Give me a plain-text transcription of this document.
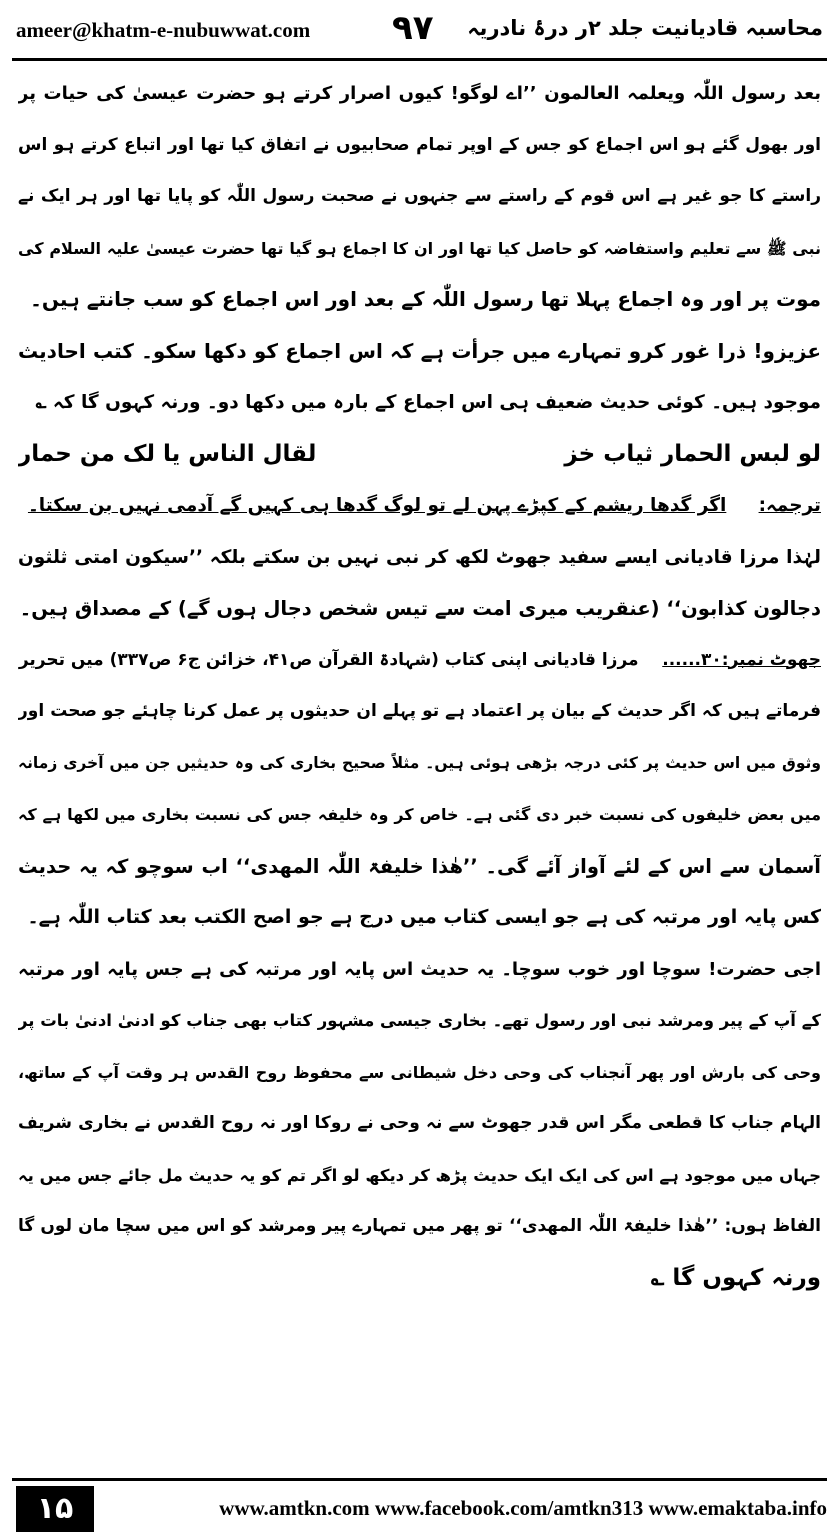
ameer@khatm-e-nubuwwat.com ۹۷ محاسبہ قادیانیت جلد ۲ر درۂ نادریہ
بعد رسول اللّٰہ ویعلمہ العالمون ’’اے لوگو! کیوں اصرار کرتے ہو حضرت عیسیٰ کی حیات پر
اور بھول گئے ہو اس اجماع کو جس کے اوپر تمام صحابیوں نے اتفاق کیا تھا اور اتباع کرتے ہو اس
راستے کا جو غیر ہے اس قوم کے راستے سے جنہوں نے صحبت رسول اللّٰہ کو پایا تھا اور ہر ایک نے
نبی ﷺ سے تعلیم واستفاضہ کو حاصل کیا تھا اور ان کا اجماع ہو گیا تھا حضرت عیسیٰ علیہ السلام کی
موت پر اور وہ اجماع پہلا تھا رسول اللّٰہ کے بعد اور اس اجماع کو سب جانتے ہیں۔
عزیزو! ذرا غور کرو تمہارے میں جرأت ہے کہ اس اجماع کو دکھا سکو۔ کتب احادیث
موجود ہیں۔ کوئی حدیث ضعیف ہی اس اجماع کے بارہ میں دکھا دو۔ ورنہ کہوں گا کہ ؎
لو لبس الحمار ثیاب خز
لقال الناس یا لک من حمار
ترجمہ:     اگر گدھا ریشم کے کپڑے پہن لے تو لوگ گدھا ہی کہیں گے آدمی نہیں بن سکتا۔
لہٰذا مرزا قادیانی ایسے سفید جھوٹ لکھ کر نبی نہیں بن سکتے بلکہ ’’سیکون امتی ثلثون
دجالون کذابون‘‘ (عنقریب میری امت سے تیس شخص دجال ہوں گے) کے مصداق ہیں۔
جھوٹ نمبر:۳۰......    مرزا قادیانی اپنی کتاب (شہادۃ القرآن ص۴۱، خزائن ج۶ ص۳۳۷) میں تحریر
فرماتے ہیں کہ اگر حدیث کے بیان پر اعتماد ہے تو پہلے ان حدیثوں پر عمل کرنا چاہئے جو صحت اور
وثوق میں اس حدیث پر کئی درجہ بڑھی ہوئی ہیں۔ مثلاً صحیح بخاری کی وہ حدیثیں جن میں آخری زمانہ
میں بعض خلیفوں کی نسبت خبر دی گئی ہے۔ خاص کر وہ خلیفہ جس کی نسبت بخاری میں لکھا ہے کہ
آسمان سے اس کے لئے آواز آئے گی۔ ’’ھٰذا خلیفۃ اللّٰہ المھدی‘‘ اب سوچو کہ یہ حدیث
کس پایہ اور مرتبہ کی ہے جو ایسی کتاب میں درج ہے جو اصح الکتب بعد کتاب اللّٰہ ہے۔
اجی حضرت! سوچا اور خوب سوچا۔ یہ حدیث اس پایہ اور مرتبہ کی ہے جس پایہ اور مرتبہ
کے آپ کے پیر ومرشد نبی اور رسول تھے۔ بخاری جیسی مشہور کتاب بھی جناب کو ادنیٰ ادنیٰ بات پر
وحی کی بارش اور پھر آنجناب کی وحی دخل شیطانی سے محفوظ روح القدس ہر وقت آپ کے ساتھ،
الہام جناب کا قطعی مگر اس قدر جھوٹ سے نہ وحی نے روکا اور نہ روح القدس نے بخاری شریف
جہاں میں موجود ہے اس کی ایک ایک حدیث پڑھ کر دیکھ لو اگر تم کو یہ حدیث مل جائے جس میں یہ
الفاظ ہوں: ’’ھٰذا خلیفۃ اللّٰہ المھدی‘‘ تو پھر میں تمہارے پیر ومرشد کو اس میں سچا مان لوں گا
ورنہ کہوں گا ؎
۱۵	www.amtkn.com www.facebook.com/amtkn313 www.emaktaba.info
